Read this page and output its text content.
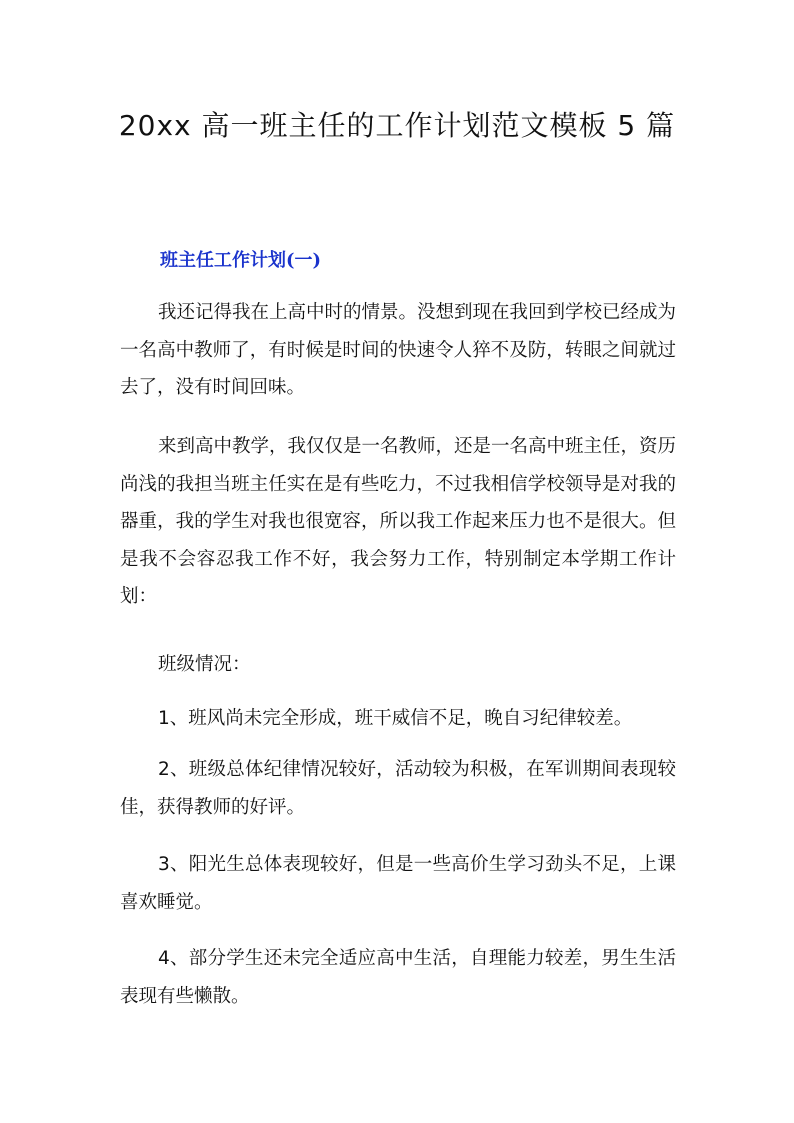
20xx 高一班主任的工作计划范文模板 5 篇
班主任工作计划(一)

我还记得我在上高中时的情景。没想到现在我回到学校已经成为一名高中教师了，有时候是时间的快速令人猝不及防，转眼之间就过去了，没有时间回味。

来到高中教学，我仅仅是一名教师，还是一名高中班主任，资历尚浅的我担当班主任实在是有些吃力，不过我相信学校领导是对我的器重，我的学生对我也很宽容，所以我工作起来压力也不是很大。但是我不会容忍我工作不好，我会努力工作，特别制定本学期工作计划：

班级情况：

1、班风尚未完全形成，班干威信不足，晚自习纪律较差。

2、班级总体纪律情况较好，活动较为积极，在军训期间表现较佳，获得教师的好评。

3、阳光生总体表现较好，但是一些高价生学习劲头不足，上课喜欢睡觉。

4、部分学生还未完全适应高中生活，自理能力较差，男生生活表现有些懒散。
